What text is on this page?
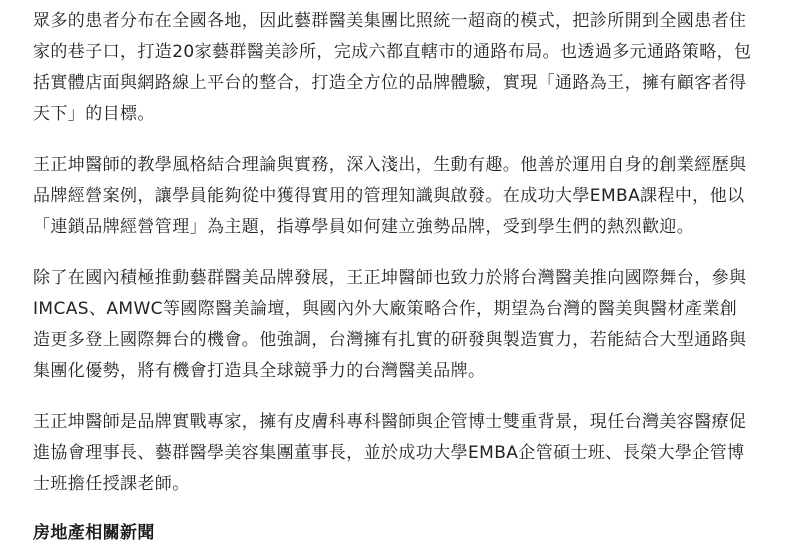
眾多的患者分布在全國各地，因此藝群醫美集團比照統一超商的模式，把診所開到全國患者住
家的巷子口，打造20家藝群醫美診所，完成六都直轄市的通路布局。也透過多元通路策略，包
括實體店面與網路線上平台的整合，打造全方位的品牌體驗，實現「通路為王，擁有顧客者得
天下」的目標。

王正坤醫師的教學風格結合理論與實務，深入淺出，生動有趣。他善於運用自身的創業經歷與
品牌經營案例，讓學員能夠從中獲得實用的管理知識與啟發。在成功大學EMBA課程中，他以
「連鎖品牌經營管理」為主題，指導學員如何建立強勢品牌，受到學生們的熱烈歡迎。

除了在國內積極推動藝群醫美品牌發展，王正坤醫師也致力於將台灣醫美推向國際舞台，參與
IMCAS、AMWC等國際醫美論壇，與國內外大廠策略合作，期望為台灣的醫美與醫材產業創
造更多登上國際舞台的機會。他強調，台灣擁有扎實的研發與製造實力，若能結合大型通路與
集團化優勢，將有機會打造具全球競爭力的台灣醫美品牌。

王正坤醫師是品牌實戰專家，擁有皮膚科專科醫師與企管博士雙重背景，現任台灣美容醫療促
進協會理事長、藝群醫學美容集團董事長，並於成功大學EMBA企管碩士班、長榮大學企管博
士班擔任授課老師。

房地產相關新聞
